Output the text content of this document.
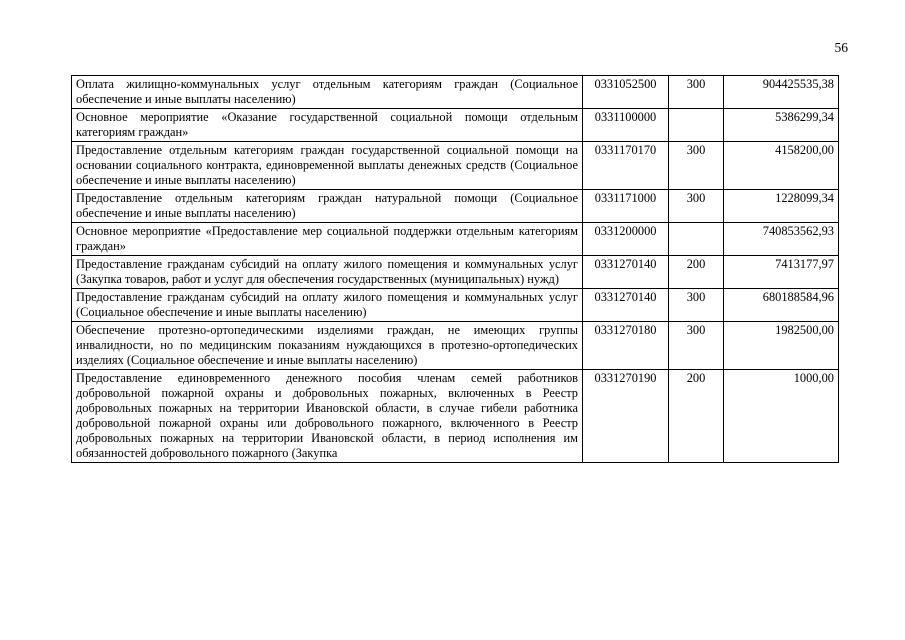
56
Оплата жилищно-коммунальных услуг отдельным категориям граждан (Социальное обеспечение и иные выплаты населению)	0331052500	300	904425535,38
Основное мероприятие «Оказание государственной социальной помощи отдельным категориям граждан»	0331100000		5386299,34
Предоставление отдельным категориям граждан государственной социальной помощи на основании социального контракта, единовременной выплаты денежных средств (Социальное обеспечение и иные выплаты населению)	0331170170	300	4158200,00
Предоставление отдельным категориям граждан натуральной помощи (Социальное обеспечение и иные выплаты населению)	0331171000	300	1228099,34
Основное мероприятие «Предоставление мер социальной поддержки отдельным категориям граждан»	0331200000		740853562,93
Предоставление гражданам субсидий на оплату жилого помещения и коммунальных услуг (Закупка товаров, работ и услуг для обеспечения государственных (муниципальных) нужд)	0331270140	200	7413177,97
Предоставление гражданам субсидий на оплату жилого помещения и коммунальных услуг (Социальное обеспечение и иные выплаты населению)	0331270140	300	680188584,96
Обеспечение протезно-ортопедическими изделиями граждан, не имеющих группы инвалидности, но по медицинским показаниям нуждающихся в протезно-ортопедических изделиях (Социальное обеспечение и иные выплаты населению)	0331270180	300	1982500,00
Предоставление единовременного денежного пособия членам семей работников добровольной пожарной охраны и добровольных пожарных, включенных в Реестр добровольных пожарных на территории Ивановской области, в случае гибели работника добровольной пожарной охраны или добровольного пожарного, включенного в Реестр добровольных пожарных на территории Ивановской области, в период исполнения им обязанностей добровольного пожарного (Закупка	0331270190	200	1000,00
